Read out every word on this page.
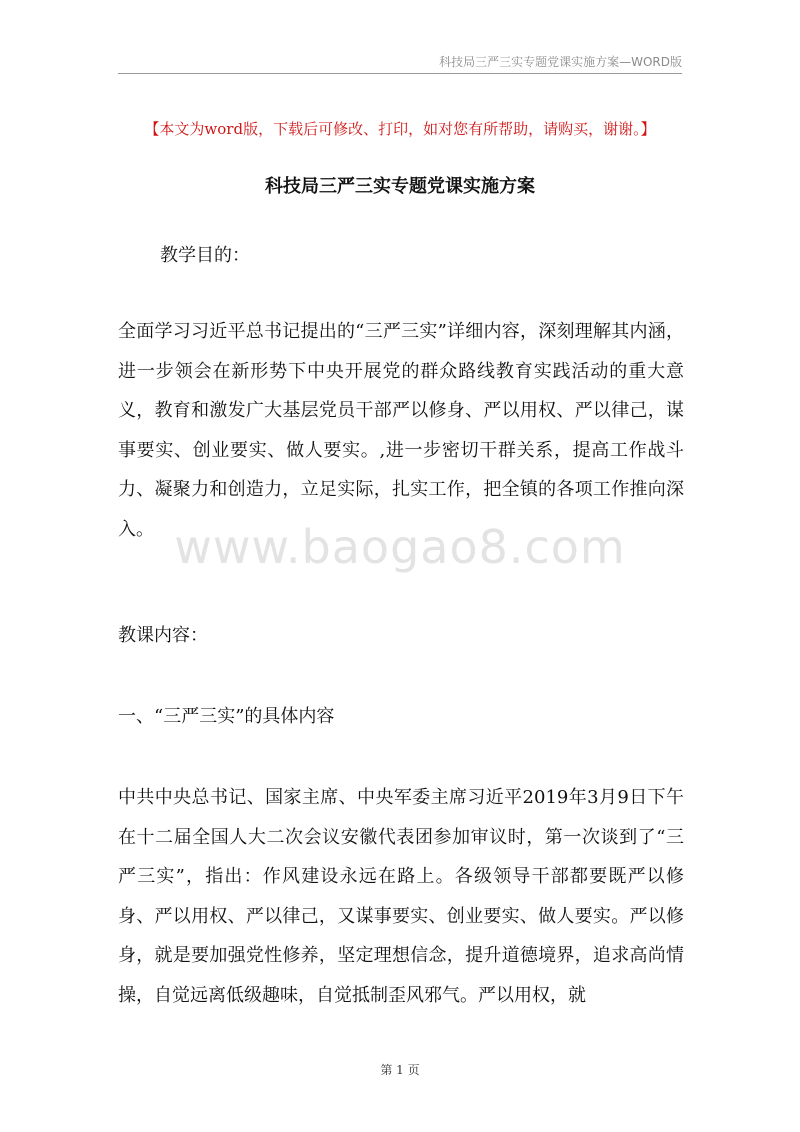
科技局三严三实专题党课实施方案—WORD版
【本文为word版，下载后可修改、打印，如对您有所帮助，请购买，谢谢。】
科技局三严三实专题党课实施方案
教学目的：
全面学习习近平总书记提出的“三严三实”详细内容，深刻理解其内涵，进一步领会在新形势下中央开展党的群众路线教育实践活动的重大意义，教育和激发广大基层党员干部严以修身、严以用权、严以律己，谋事要实、创业要实、做人要实。,进一步密切干群关系，提高工作战斗力、凝聚力和创造力，立足实际，扎实工作，把全镇的各项工作推向深入。
教课内容：
一、“三严三实”的具体内容
中共中央总书记、国家主席、中央军委主席习近平2019年3月9日下午在十二届全国人大二次会议安徽代表团参加审议时，第一次谈到了“三严三实”，指出：作风建设永远在路上。各级领导干部都要既严以修身、严以用权、严以律己，又谋事要实、创业要实、做人要实。严以修身，就是要加强党性修养，坚定理想信念，提升道德境界，追求高尚情操，自觉远离低级趣味，自觉抵制歪风邪气。严以用权，就
www.baogao8.com
第 1 页
